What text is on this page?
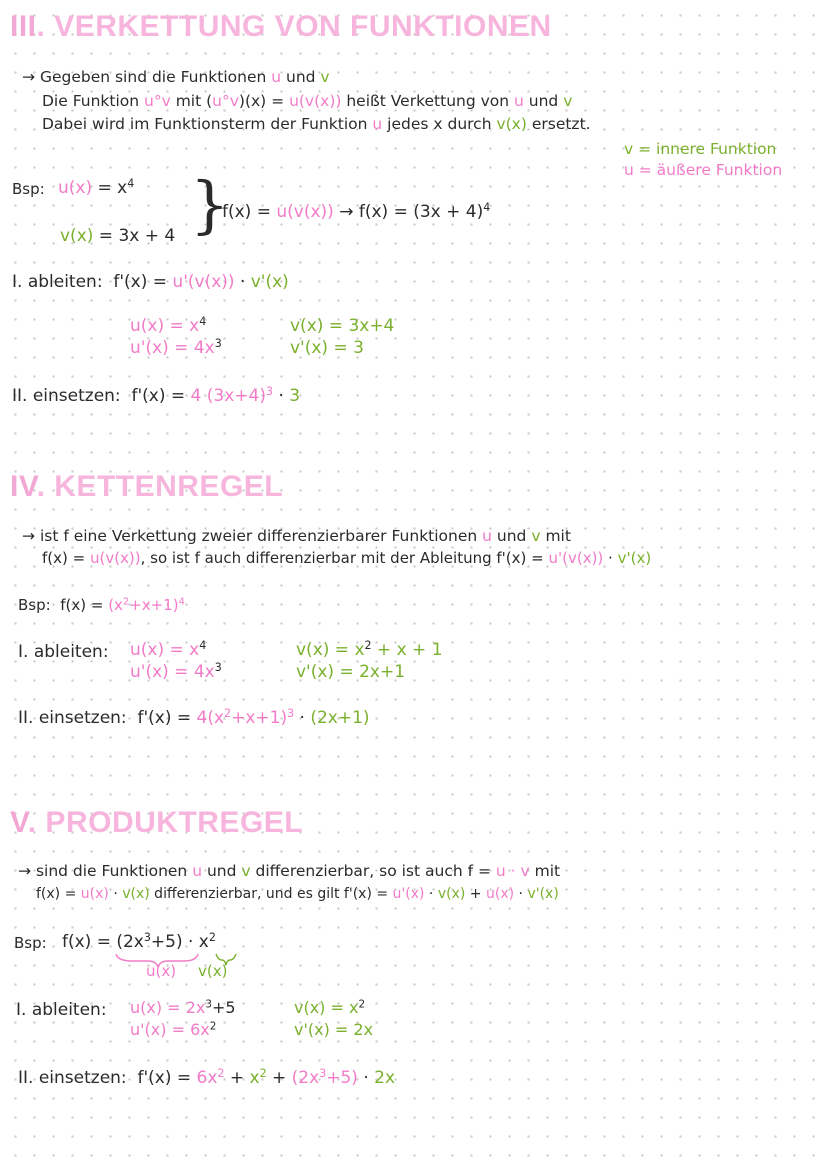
III. VERKETTUNG VON FUNKTIONEN
→ Gegeben sind die Funktionen u und v
Die Funktion u°v mit (u°v)(x) = u(v(x)) heißt Verkettung von u und v
Dabei wird im Funktionsterm der Funktion u jedes x durch v(x) ersetzt.
v = innere Funktion
u = äußere Funktion
Bsp: $u(x) = x^4$
v(x) = 3x + 4 }
$f(x) = u(v(x)) \to f(x) = (3x + 4)^4$
I. ableiten: f'(x) = u'(v(x)) · v'(x)
$u(x) = x^4$
$u'(x) = 4x^3$
v(x) = 3x+4
v'(x) = 3
II. einsetzen: f'(x) = 4 $(3x+4)^3 \cdot 3$
IV. KETTENREGEL
→ ist f eine Verkettung zweier differenzierbarer Funktionen u und v mit
f(x) = u(v(x)), so ist f auch differenzierbar mit der Ableitung f'(x) = u'(v(x)) · v'(x)
Bsp: $f(x) = (x^2+x+1)^4$
I. ableiten: $u(x) = x^4$
$u'(x) = 4x^3$
$v(x) = x^2 + x + 1$
v'(x) = 2x+1
II. einsetzen: $f'(x) = 4(x^2+x+1)^3 \cdot (2x+1)$
V. PRODUKTREGEL
→ sind die Funktionen u und v differenzierbar, so ist auch f = u · v mit
f(x) = u(x) · v(x) differenzierbar, und es gilt f'(x) = u'(x) · v(x) + u(x) · v'(x)
Bsp: $f(x) = (2x^3+5) \cdot x^2$
u(x) v(x)
I. ableiten: $u(x) = 2x^3+5$
$u'(x) = 6x^2$
$v(x) = x^2$
v'(x) = 2x
II. einsetzen: $f'(x) = 6x^2 + x^2 + (2x^3+5) \cdot 2x$
